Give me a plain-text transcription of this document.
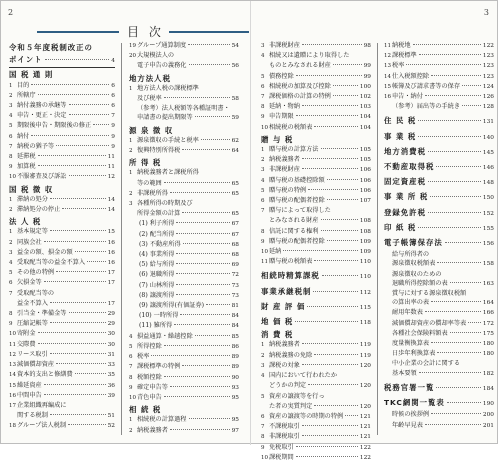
2	3
目 次
令和５年度税制改正の
ポイント	4
国 税 通 則
1 目的	6
2 所轄庁	6
3 納付義務の承継等	6
4 申告・更正・決定	7
5 期限後申告・期限後の修正	9
6 納付	9
7 納税の猶予等	9
8 延滞税	11
9 加算税	11
10 不服審査及び訴訟	12
国 税 徴 収
1 滞納の処分	14
2 滞納処分の停止	14
法 人 税
1 基本規定等	15
2 同族会社	16
3 益金の額、損金の額	16
4 受取配当等の益金不算入	16
5 その他の特例	17
6 欠損金等	17
7 受取配当等の
益金不算入	17
8 引当金・準備金等	29
9 圧縮記帳等	29
10 寄附金	30
11 交際費	30
12 リース取引	31
13 減価償却資産	33
14 資本的支出と修繕費	35
15 繰延資産	36
16 中間申告	39
17 企業組織再編成に
関する税制	51
18 グループ法人税制	52
19 グループ通算制度	54
20 大規模法人の
電子申告の義務化	56
地方法人税
1 地方法人税の課税標準
及び税率	58
（参考）法人税額等各種証明書・
申請書の提出期限等	59
源 泉 徴 収
1 源泉徴収の手続と税率	62
2 復興特別所得税	64
所 得 税
1 納税義務者と課税所得
等の範囲	65
2 非課税所得	65
3 各種所得の時期及び
所得金額の計算	65
(1) 利子所得	67
(2) 配当所得	67
(3) 不動産所得	68
(4) 事業所得	68
(5) 給与所得	69
(6) 退職所得	72
(7) 山林所得	73
(8) 譲渡所得	73
(9) 譲渡所得(有価証券)	81
(10) 一時所得	84
(11) 雑所得	84
4 損益通算・繰越控除	85
5 所得控除	86
6 税率	89
7 課税標準の特例	89
8 税額控除	90
9 確定申告等	93
10 青色申告	95
相 続 税
1 相続税の計算過程	95
2 納税義務者	97
3 非課税財産	98
4 相続又は遺贈により取得した
ものとみなされる財産	99
5 債務控除	99
6 相続税の加算及び控除	100
7 課税価格の計算の特例	102
8 延納・物納	103
9 申告期限	104
10 相続税の税額表	104
贈 与 税
1 贈与税の計算方法	105
2 納税義務者	105
3 非課税財産	106
4 贈与税の基礎控除額	106
5 贈与税の特例	106
6 贈与税の配偶者控除	107
7 贈与によって取得した
とみなされる財産	108
8 信託に関する権利	108
9 贈与税の配偶者控除	109
10 延納	109
11 贈与税の税額表	110
相続時精算課税	110
事業承継税制	112
財 産 評 価	115
地 価 税	118
消 費 税
1 納税義務者	119
2 納税義務の免除	119
3 課税の対象	120
4 国内において行われたか
どうかの判定	120
5 資産の譲渡等を行っ
た者の実質判定	120
6 資産の譲渡等の時期の特例	121
7 不課税取引	121
8 非課税取引	121
9 免税取引	122
10 課税期間	122
11 納税地	122
12 課税標準	123
13 税率	123
14 仕入税額控除	123
15 帳簿及び請求書等の保存	124
16 申告・納付	126
（参考）届出等の手続き	128
住 民 税	131
事 業 税	140
地方消費税	145
不動産取得税	146
固定資産税	148
事 業 所 税	150
登録免許税	152
印 紙 税	155
電子帳簿保存法	156
給与所得者の
源泉徴収税額表	158
源泉徴収のための
退職所得控除額の表	163
賞与に対する源泉徴収税額
の算出率の表	164
耐用年数表	166
減価償却資産の償却率等表	172
各種社会保険料額表	175
度量衡換算表	180
日歩年利換算表	180
中小企業の会計に関する
基本要領	182
税務官署一覧	184
TKC網関一覧表	190
時候の挨拶例	200
年齢早見表	201
